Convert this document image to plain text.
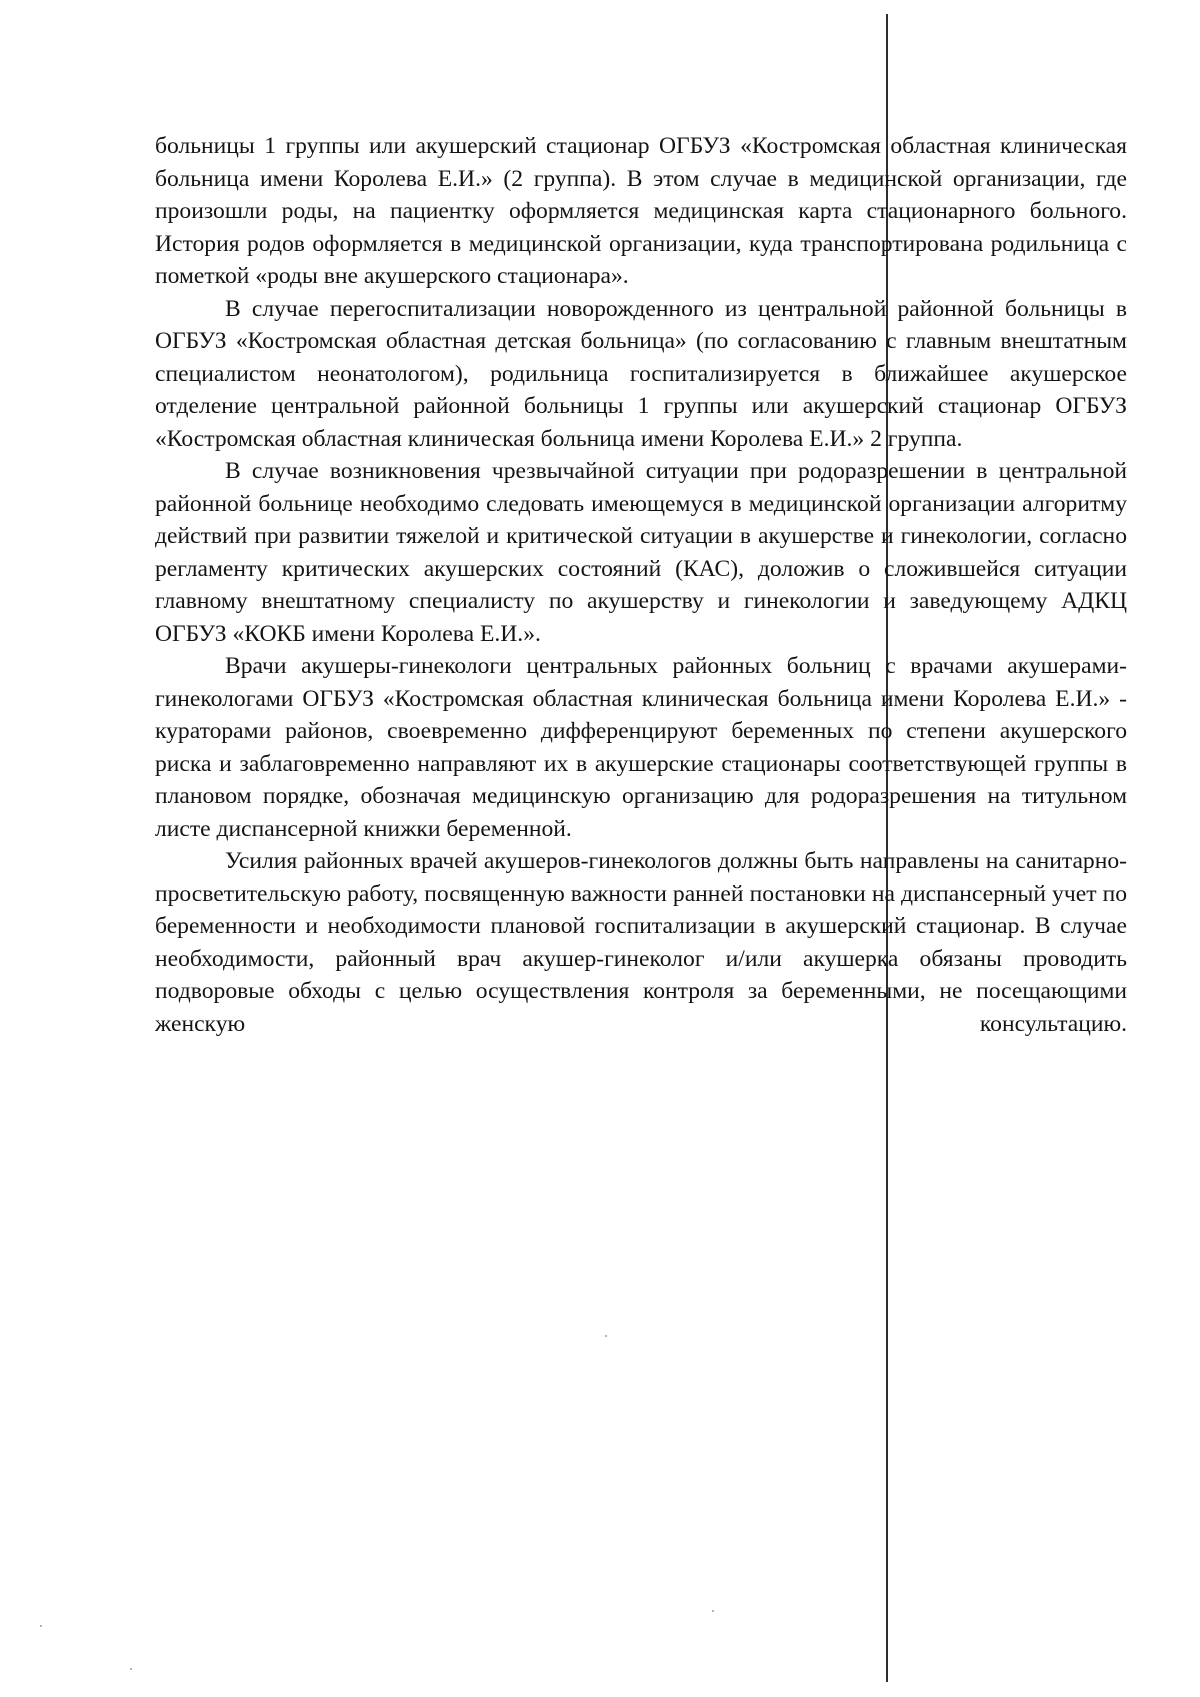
больницы 1 группы или акушерский стационар ОГБУЗ «Костромская областная клиническая больница имени Королева Е.И.» (2 группа). В этом случае в медицинской организации, где произошли роды, на пациентку оформляется медицинская карта стационарного больного. История родов оформляется в медицинской организации, куда транспортирована родильница с пометкой «роды вне акушерского стационара».

В случае перегоспитализации новорожденного из центральной районной больницы в ОГБУЗ «Костромская областная детская больница» (по согласованию с главным внештатным специалистом неонатологом), родильница госпитализируется в ближайшее акушерское отделение центральной районной больницы 1 группы или акушерский стационар ОГБУЗ «Костромская областная клиническая больница имени Королева Е.И.» 2 группа.

В случае возникновения чрезвычайной ситуации при родоразрешении в центральной районной больнице необходимо следовать имеющемуся в медицинской организации алгоритму действий при развитии тяжелой и критической ситуации в акушерстве и гинекологии, согласно регламенту критических акушерских состояний (КАС), доложив о сложившейся ситуации главному внештатному специалисту по акушерству и гинекологии и заведующему АДКЦ ОГБУЗ «КОКБ имени Королева Е.И.».

Врачи акушеры-гинекологи центральных районных больниц с врачами акушерами-гинекологами ОГБУЗ «Костромская областная клиническая больница имени Королева Е.И.» - кураторами районов, своевременно дифференцируют беременных по степени акушерского риска и заблаговременно направляют их в акушерские стационары соответствующей группы в плановом порядке, обозначая медицинскую организацию для родоразрешения на титульном листе диспансерной книжки беременной.

Усилия районных врачей акушеров-гинекологов должны быть направлены на санитарно-просветительскую работу, посвященную важности ранней постановки на диспансерный учет по беременности и необходимости плановой госпитализации в акушерский стационар. В случае необходимости, районный врач акушер-гинеколог и/или акушерка обязаны проводить подворовые обходы с целью осуществления контроля за беременными, не посещающими женскую консультацию.
